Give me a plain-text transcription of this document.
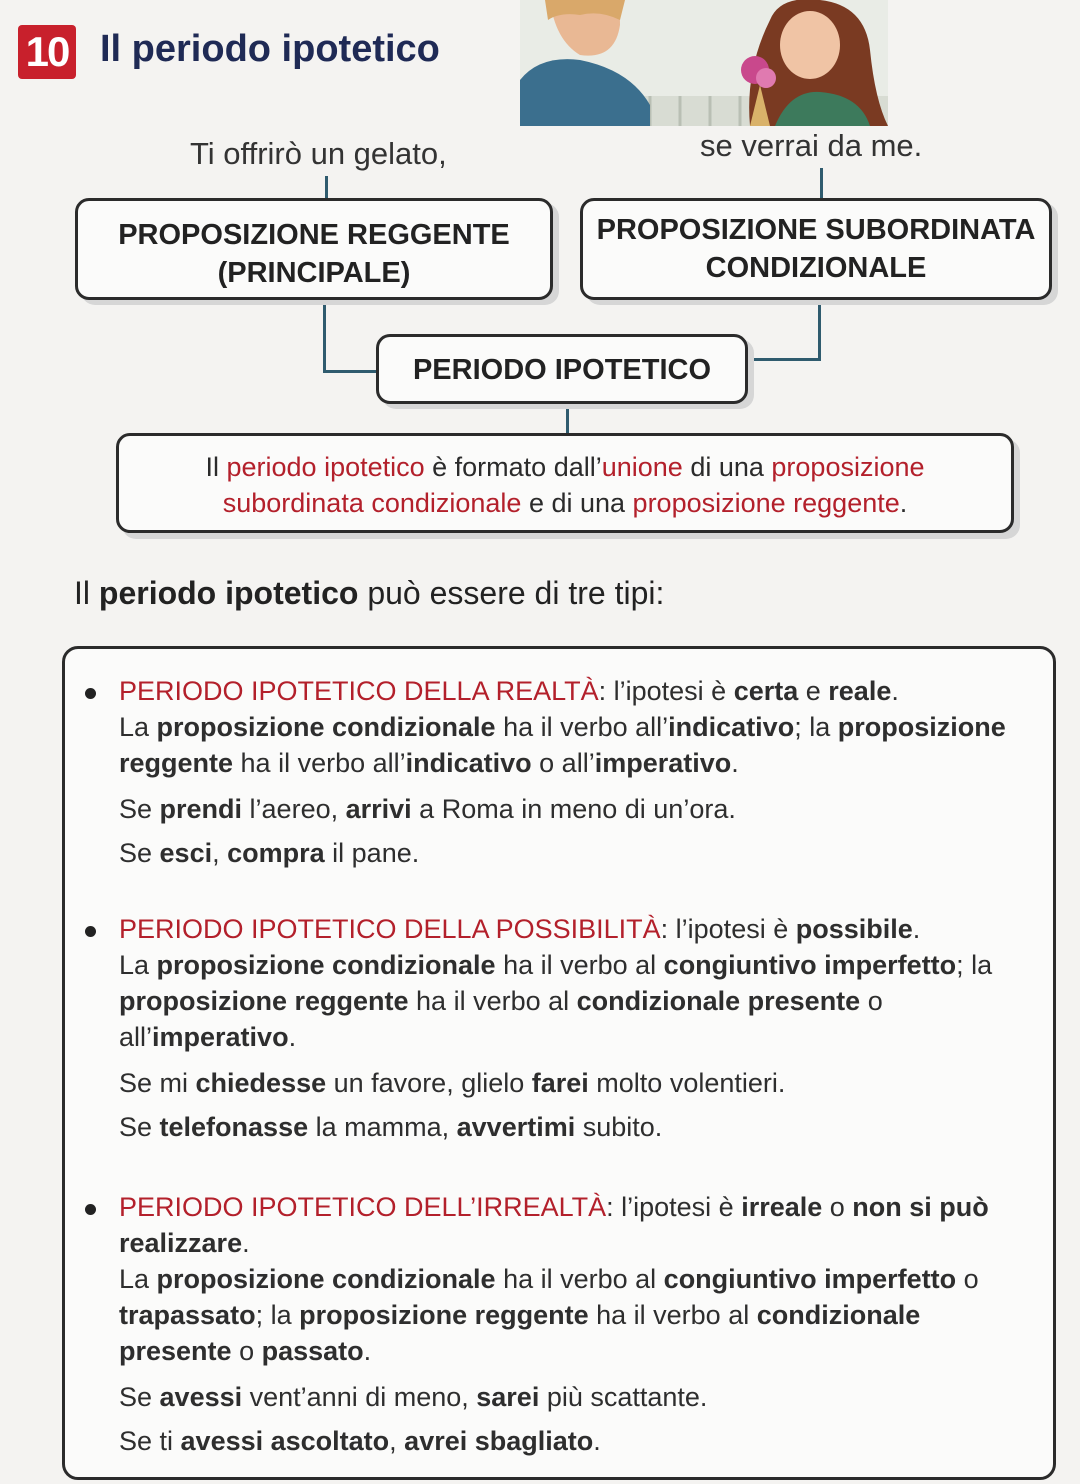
10 Il periodo ipotetico
Ti offrirò un gelato,	se verrai da me.
PROPOSIZIONE REGGENTE
(PRINCIPALE)
PROPOSIZIONE SUBORDINATA
CONDIZIONALE
PERIODO IPOTETICO
Il periodo ipotetico è formato dall’unione di una proposizione subordinata condizionale e di una proposizione reggente.
Il periodo ipotetico può essere di tre tipi:

PERIODO IPOTETICO DELLA REALTÀ: l’ipotesi è certa e reale.
La proposizione condizionale ha il verbo all’indicativo; la proposizione reggente ha il verbo all’indicativo o all’imperativo.

Se prendi l’aereo, arrivi a Roma in meno di un’ora.
Se esci, compra il pane.

PERIODO IPOTETICO DELLA POSSIBILITÀ: l’ipotesi è possibile.
La proposizione condizionale ha il verbo al congiuntivo imperfetto; la proposizione reggente ha il verbo al condizionale presente o all’imperativo.

Se mi chiedesse un favore, glielo farei molto volentieri.
Se telefonasse la mamma, avvertimi subito.

PERIODO IPOTETICO DELL’IRREALTÀ: l’ipotesi è irreale o non si può realizzare.
La proposizione condizionale ha il verbo al congiuntivo imperfetto o trapassato; la proposizione reggente ha il verbo al condizionale presente o passato.

Se avessi vent’anni di meno, sarei più scattante.
Se ti avessi ascoltato, avrei sbagliato.
